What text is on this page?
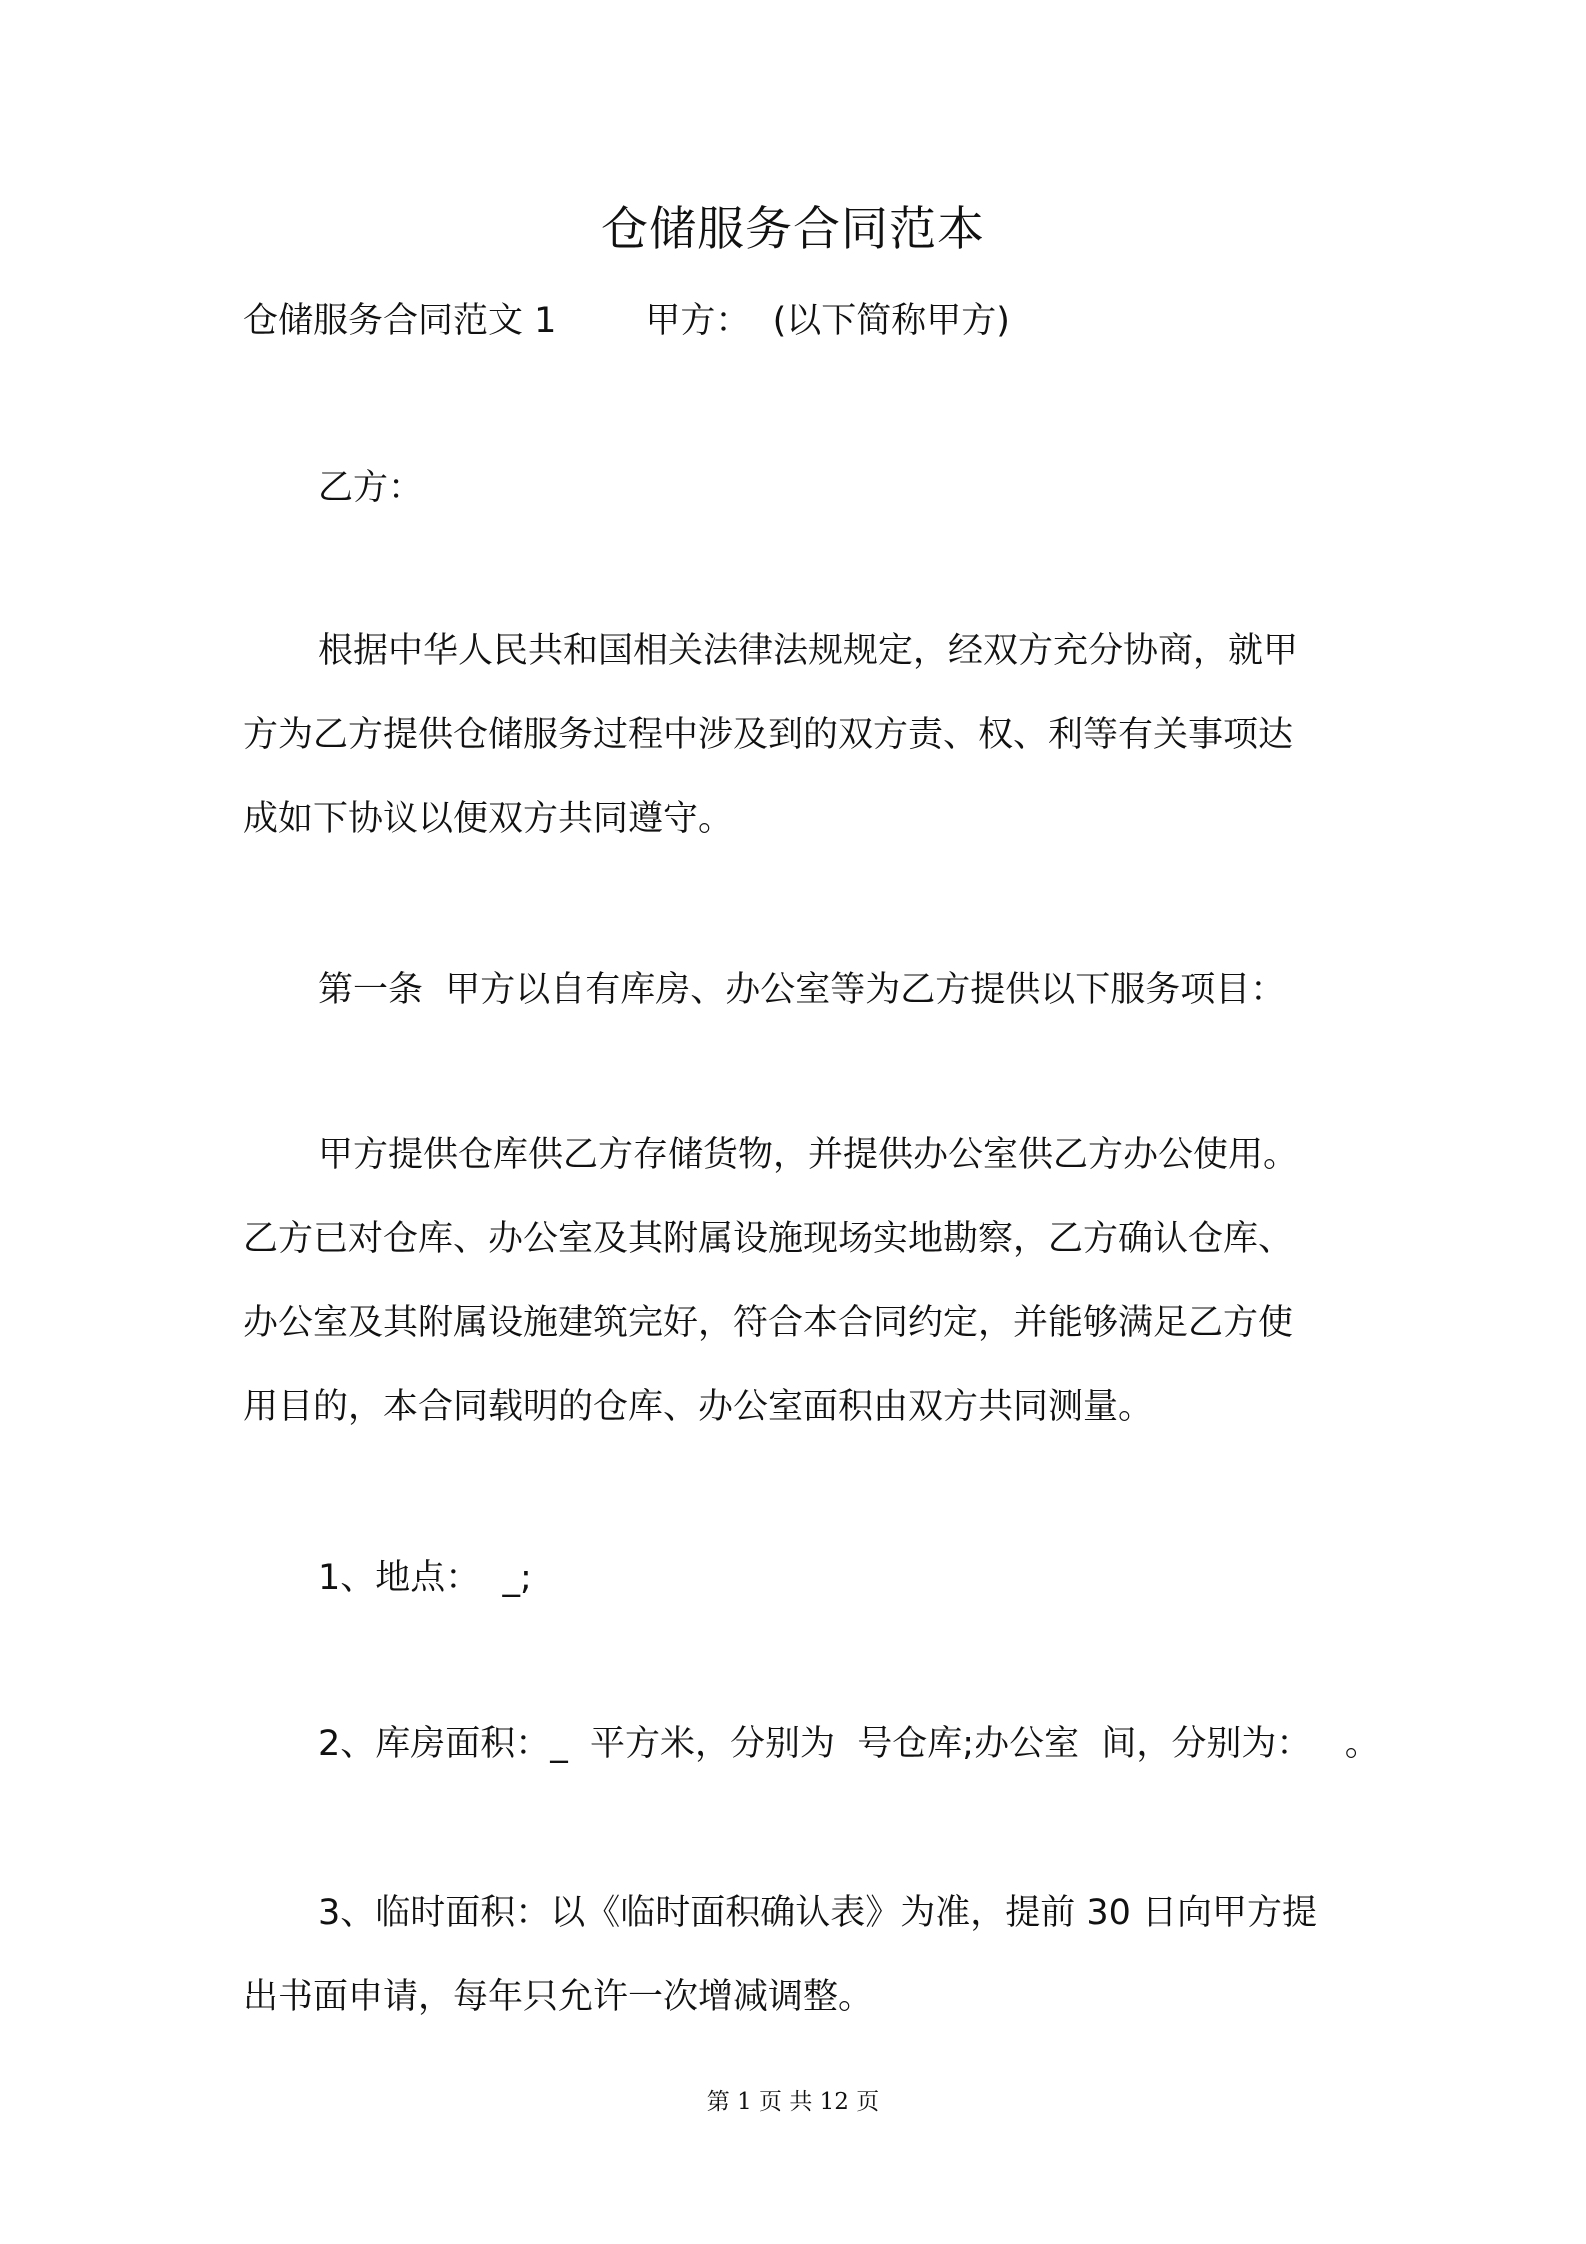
仓储服务合同范本
仓储服务合同范文 1        甲方：  (以下简称甲方)
乙方：
根据中华人民共和国相关法律法规规定，经双方充分协商，就甲
方为乙方提供仓储服务过程中涉及到的双方责、权、利等有关事项达
成如下协议以便双方共同遵守。
第一条  甲方以自有库房、办公室等为乙方提供以下服务项目：
甲方提供仓库供乙方存储货物，并提供办公室供乙方办公使用。
乙方已对仓库、办公室及其附属设施现场实地勘察，乙方确认仓库、
办公室及其附属设施建筑完好，符合本合同约定，并能够满足乙方使
用目的，本合同载明的仓库、办公室面积由双方共同测量。
1、地点：  _;
2、库房面积：_  平方米，分别为  号仓库;办公室  间，分别为：   。
3、临时面积：以《临时面积确认表》为准，提前 30 日向甲方提
出书面申请，每年只允许一次增减调整。
第 1 页 共 12 页
